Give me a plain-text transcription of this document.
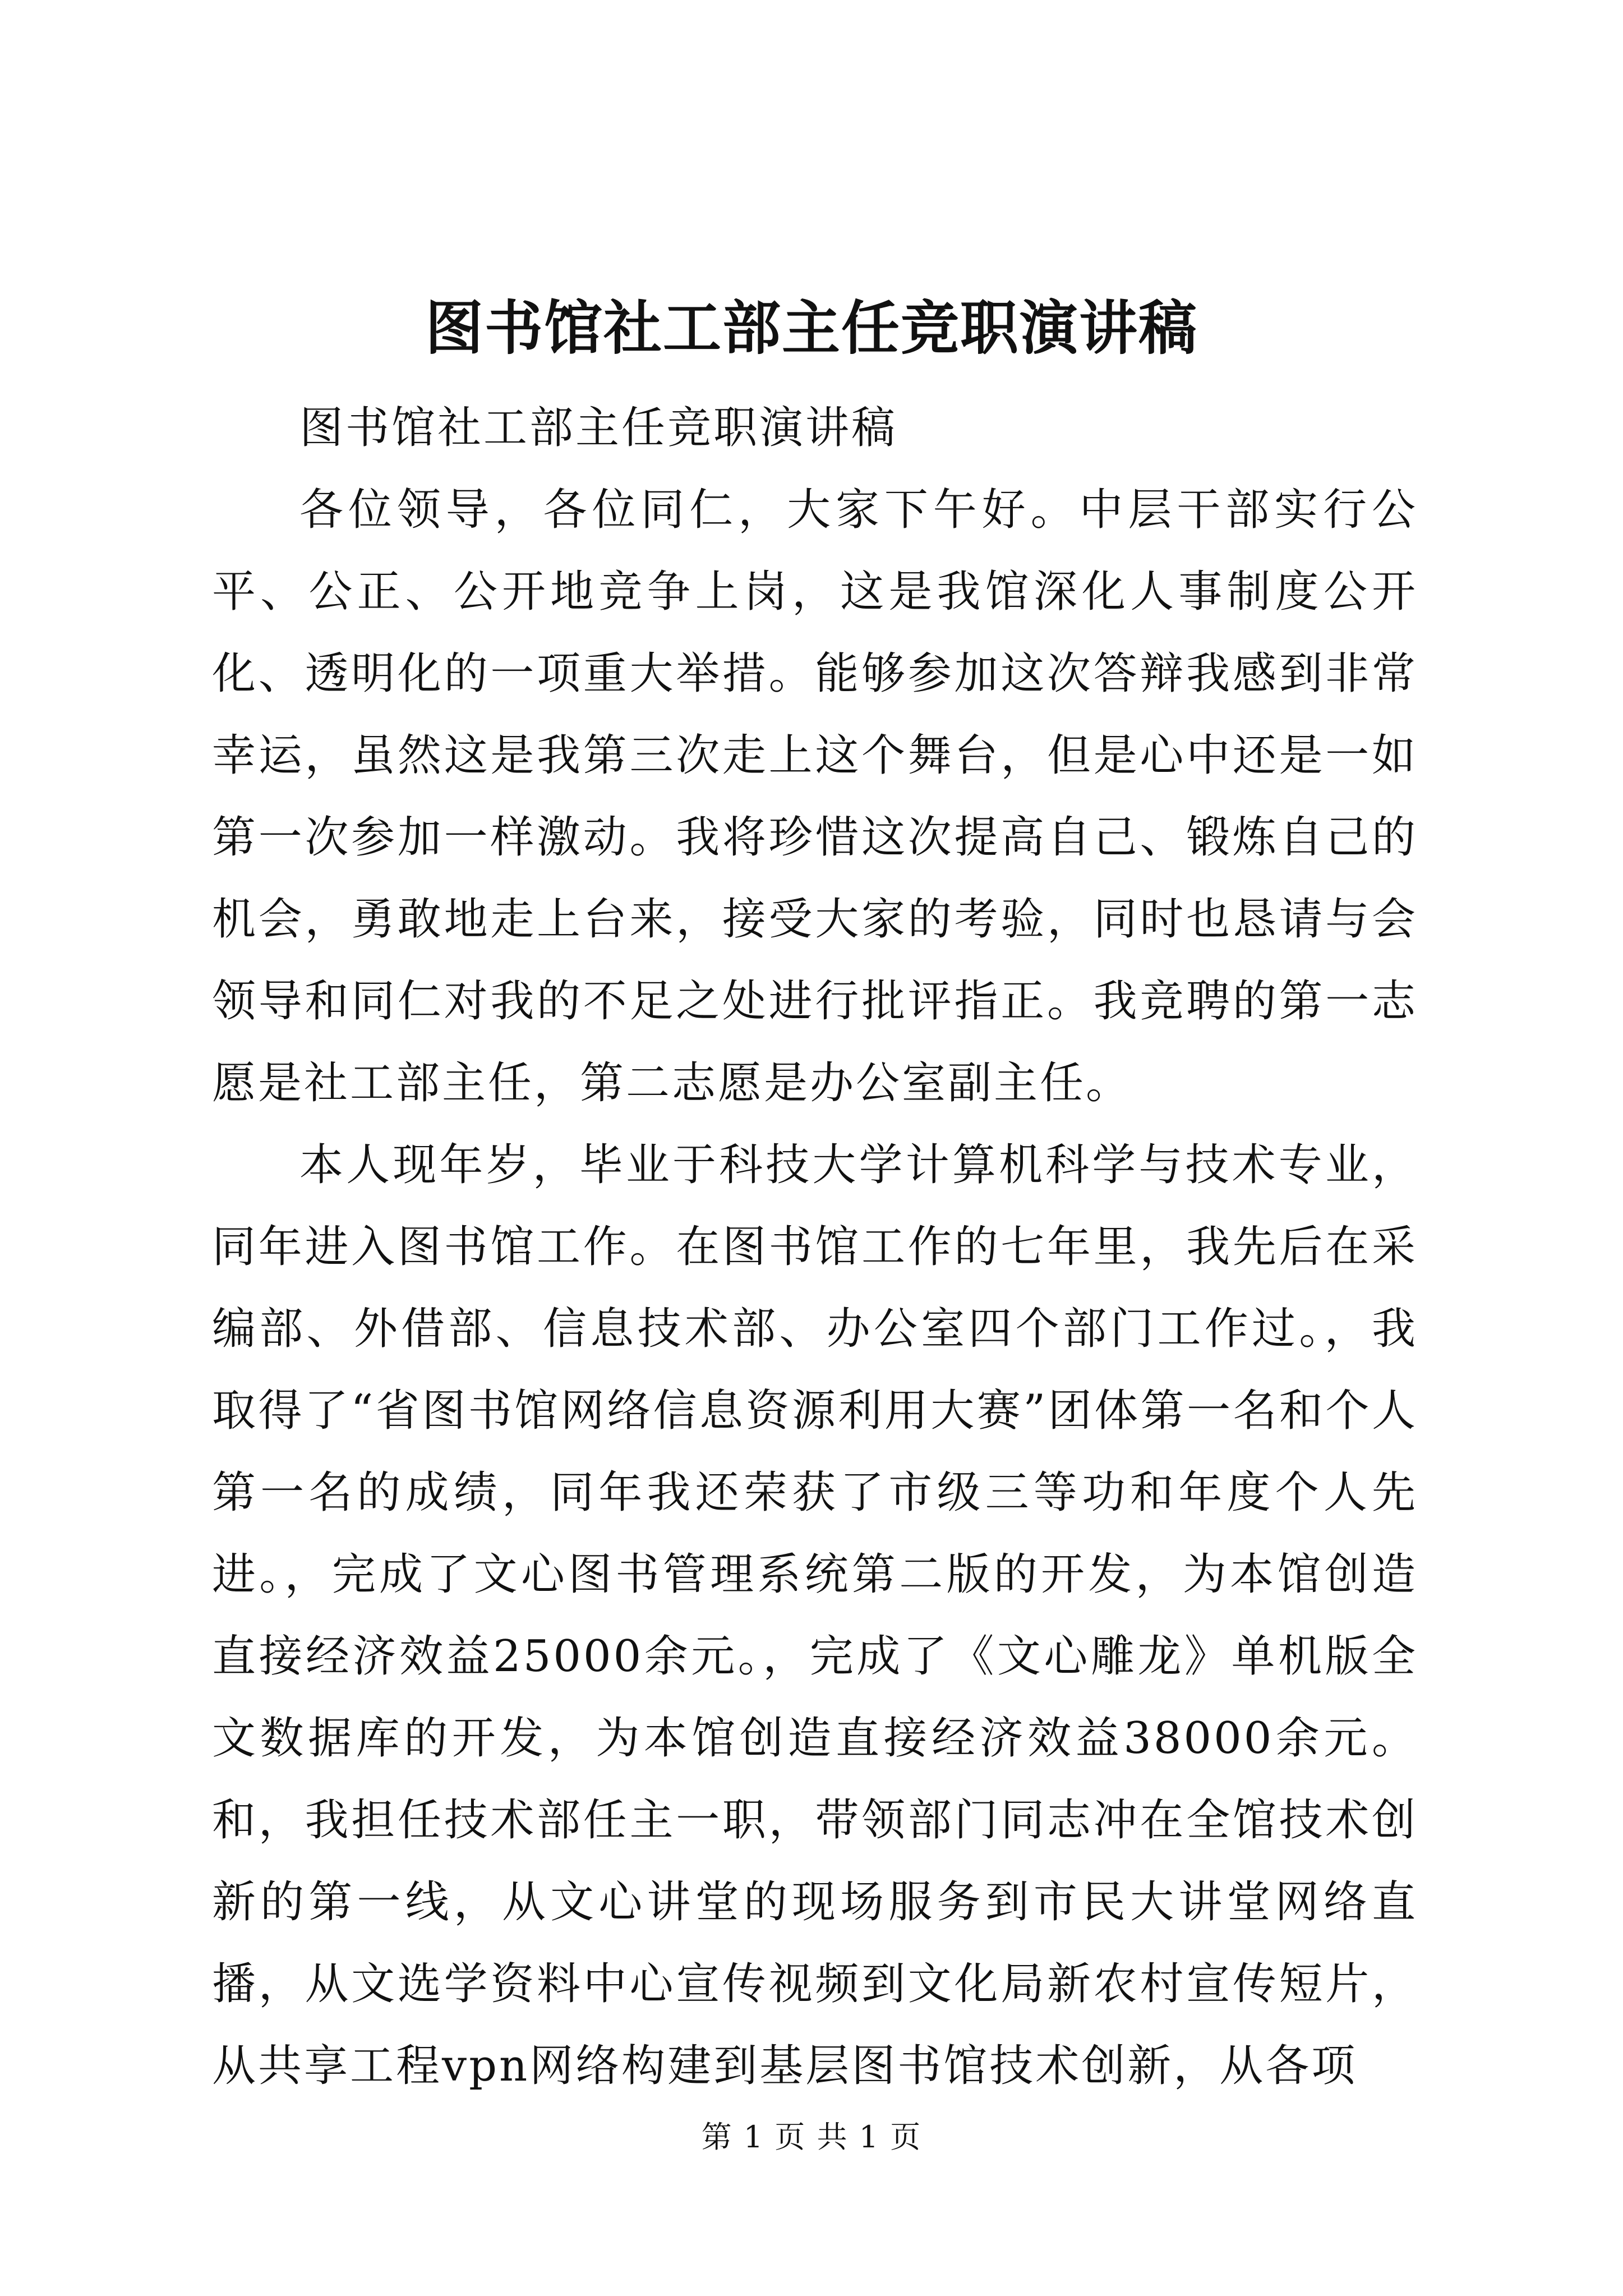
图书馆社工部主任竞职演讲稿

图书馆社工部主任竞职演讲稿

各位领导，各位同仁，大家下午好。中层干部实行公平、公正、公开地竞争上岗，这是我馆深化人事制度公开化、透明化的一项重大举措。能够参加这次答辩我感到非常幸运，虽然这是我第三次走上这个舞台，但是心中还是一如第一次参加一样激动。我将珍惜这次提高自己、锻炼自己的机会，勇敢地走上台来，接受大家的考验，同时也恳请与会领导和同仁对我的不足之处进行批评指正。我竞聘的第一志愿是社工部主任，第二志愿是办公室副主任。

本人现年岁，毕业于科技大学计算机科学与技术专业，同年进入图书馆工作。在图书馆工作的七年里，我先后在采编部、外借部、信息技术部、办公室四个部门工作过。，我取得了“省图书馆网络信息资源利用大赛”团体第一名和个人第一名的成绩，同年我还荣获了市级三等功和年度个人先进。，完成了文心图书管理系统第二版的开发，为本馆创造直接经济效益25000余元。，完成了《文心雕龙》单机版全文数据库的开发，为本馆创造直接经济效益38000余元。和，我担任技术部任主一职，带领部门同志冲在全馆技术创新的第一线，从文心讲堂的现场服务到市民大讲堂网络直播，从文选学资料中心宣传视频到文化局新农村宣传短片，从共享工程vpn网络构建到基层图书馆技术创新，从各项

第 1 页 共 1 页
